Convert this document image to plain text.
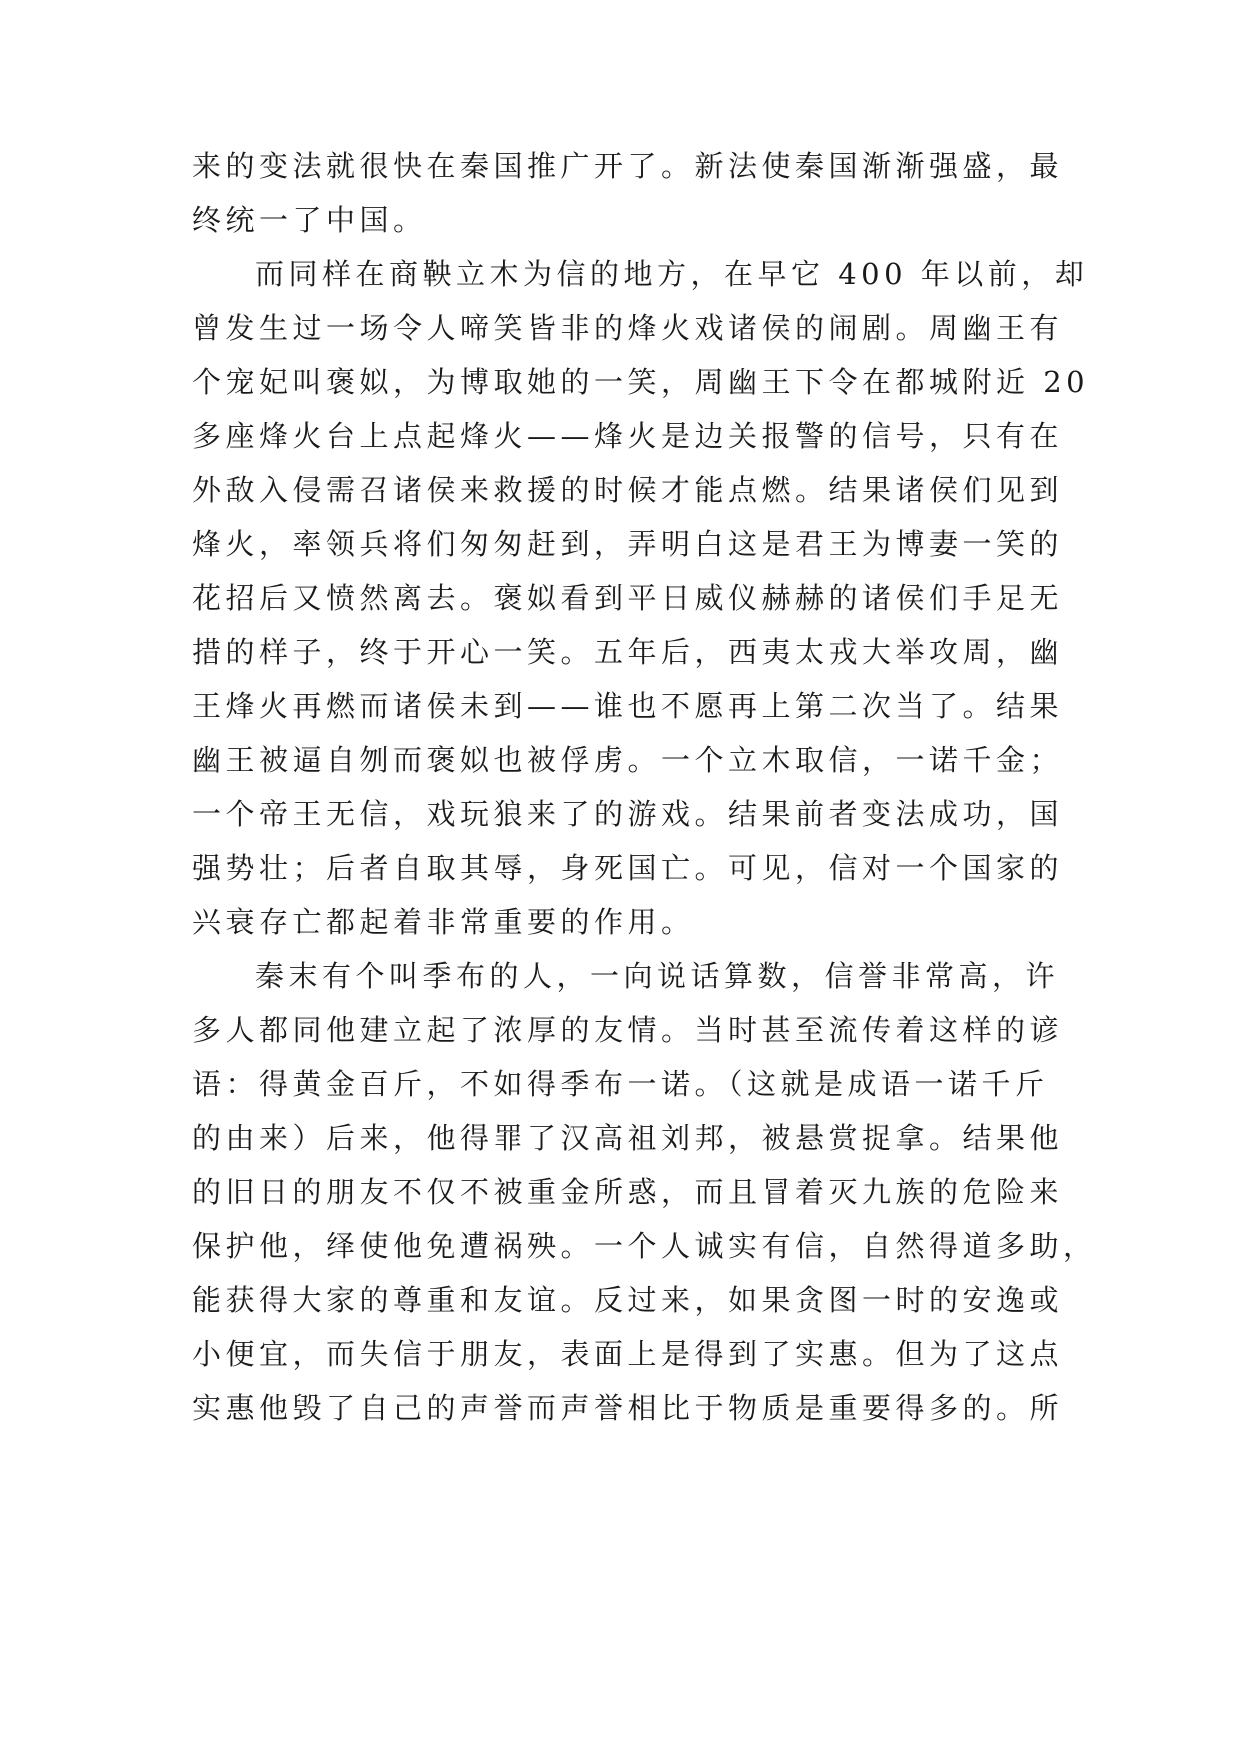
来的变法就很快在秦国推广开了。新法使秦国渐渐强盛，最
终统一了中国。
而同样在商鞅立木为信的地方，在早它 400 年以前，却
曾发生过一场令人啼笑皆非的烽火戏诸侯的闹剧。周幽王有
个宠妃叫褒姒，为博取她的一笑，周幽王下令在都城附近 20
多座烽火台上点起烽火——烽火是边关报警的信号，只有在
外敌入侵需召诸侯来救援的时候才能点燃。结果诸侯们见到
烽火，率领兵将们匆匆赶到，弄明白这是君王为博妻一笑的
花招后又愤然离去。褒姒看到平日威仪赫赫的诸侯们手足无
措的样子，终于开心一笑。五年后，西夷太戎大举攻周，幽
王烽火再燃而诸侯未到——谁也不愿再上第二次当了。结果
幽王被逼自刎而褒姒也被俘虏。一个立木取信，一诺千金；
一个帝王无信，戏玩狼来了的游戏。结果前者变法成功，国
强势壮；后者自取其辱，身死国亡。可见，信对一个国家的
兴衰存亡都起着非常重要的作用。
秦末有个叫季布的人，一向说话算数，信誉非常高，许
多人都同他建立起了浓厚的友情。当时甚至流传着这样的谚
语：得黄金百斤，不如得季布一诺。（这就是成语一诺千斤
的由来）后来，他得罪了汉高祖刘邦，被悬赏捉拿。结果他
的旧日的朋友不仅不被重金所惑，而且冒着灭九族的危险来
保护他，绎使他免遭祸殃。一个人诚实有信，自然得道多助，
能获得大家的尊重和友谊。反过来，如果贪图一时的安逸或
小便宜，而失信于朋友，表面上是得到了实惠。但为了这点
实惠他毁了自己的声誉而声誉相比于物质是重要得多的。所
